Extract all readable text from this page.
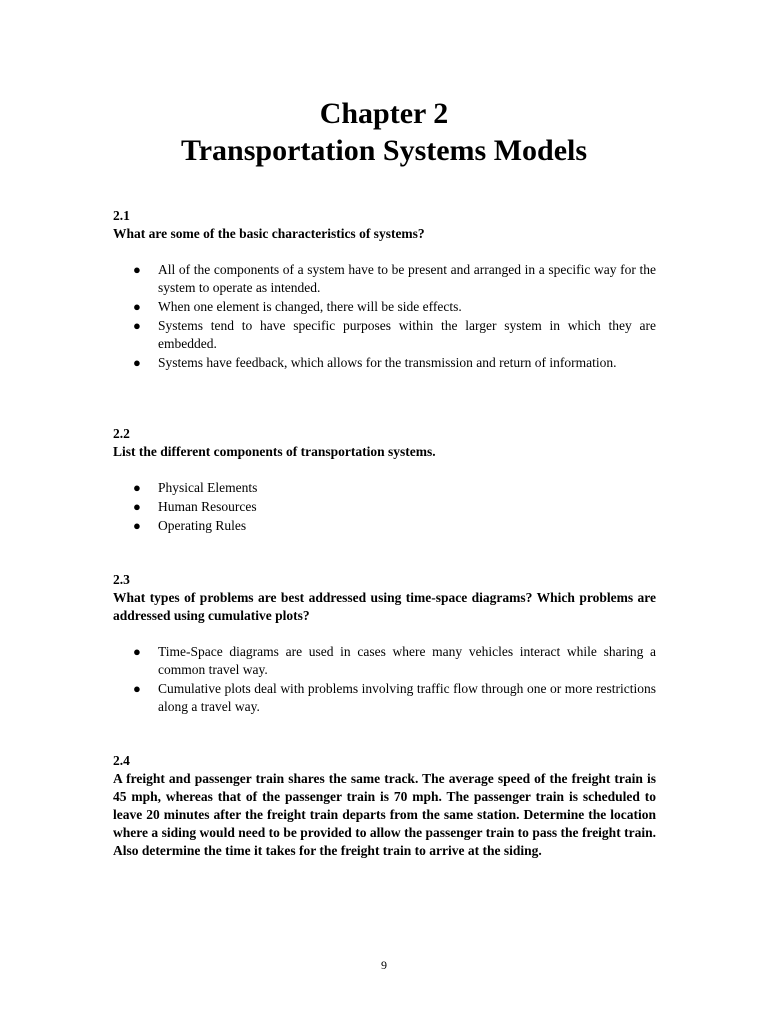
Chapter 2
Transportation Systems Models
2.1
What are some of the basic characteristics of systems?
● All of the components of a system have to be present and arranged in a specific way for the system to operate as intended.
● When one element is changed, there will be side effects.
● Systems tend to have specific purposes within the larger system in which they are embedded.
● Systems have feedback, which allows for the transmission and return of information.
2.2
List the different components of transportation systems.
● Physical Elements
● Human Resources
● Operating Rules
2.3
What types of problems are best addressed using time-space diagrams? Which problems are addressed using cumulative plots?
● Time-Space diagrams are used in cases where many vehicles interact while sharing a common travel way.
● Cumulative plots deal with problems involving traffic flow through one or more restrictions along a travel way.
2.4
A freight and passenger train shares the same track. The average speed of the freight train is 45 mph, whereas that of the passenger train is 70 mph. The passenger train is scheduled to leave 20 minutes after the freight train departs from the same station. Determine the location where a siding would need to be provided to allow the passenger train to pass the freight train. Also determine the time it takes for the freight train to arrive at the siding.
9
